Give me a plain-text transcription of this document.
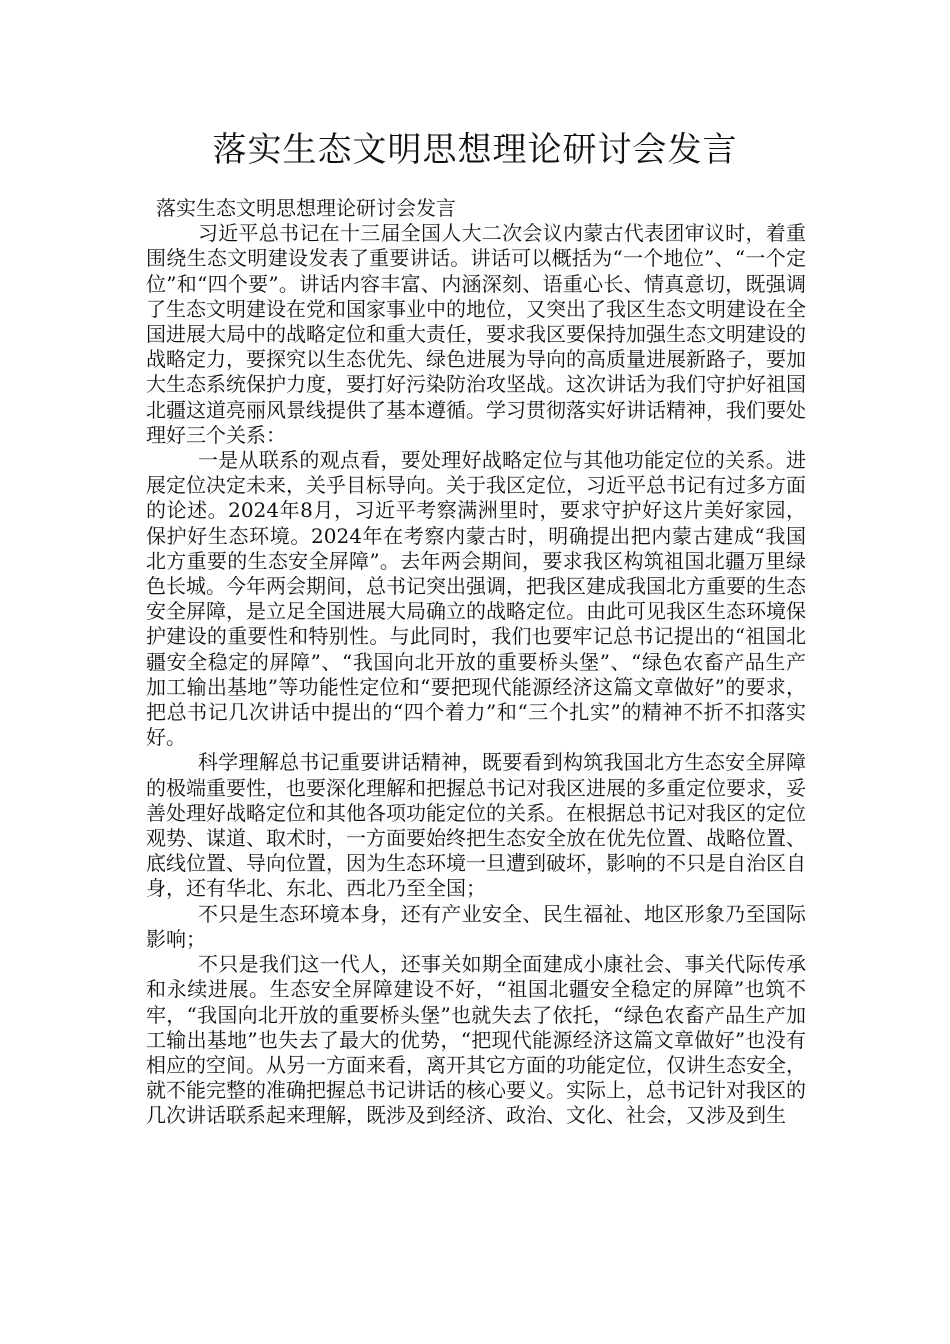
落实生态文明思想理论研讨会发言

落实生态文明思想理论研讨会发言

习近平总书记在十三届全国人大二次会议内蒙古代表团审议时，着重围绕生态文明建设发表了重要讲话。讲话可以概括为“一个地位”、“一个定位”和“四个要”。讲话内容丰富、内涵深刻、语重心长、情真意切，既强调了生态文明建设在党和国家事业中的地位，又突出了我区生态文明建设在全国进展大局中的战略定位和重大责任，要求我区要保持加强生态文明建设的战略定力，要探究以生态优先、绿色进展为导向的高质量进展新路子，要加大生态系统保护力度，要打好污染防治攻坚战。这次讲话为我们守护好祖国北疆这道亮丽风景线提供了基本遵循。学习贯彻落实好讲话精神，我们要处理好三个关系：

一是从联系的观点看，要处理好战略定位与其他功能定位的关系。进展定位决定未来，关乎目标导向。关于我区定位，习近平总书记有过多方面的论述。2024年8月，习近平考察满洲里时，要求守护好这片美好家园，保护好生态环境。2024年在考察内蒙古时，明确提出把内蒙古建成“我国北方重要的生态安全屏障”。去年两会期间，要求我区构筑祖国北疆万里绿色长城。今年两会期间，总书记突出强调，把我区建成我国北方重要的生态安全屏障，是立足全国进展大局确立的战略定位。由此可见我区生态环境保护建设的重要性和特别性。与此同时，我们也要牢记总书记提出的“祖国北疆安全稳定的屏障”、“我国向北开放的重要桥头堡”、“绿色农畜产品生产加工输出基地”等功能性定位和“要把现代能源经济这篇文章做好”的要求，把总书记几次讲话中提出的“四个着力”和“三个扎实”的精神不折不扣落实好。

科学理解总书记重要讲话精神，既要看到构筑我国北方生态安全屏障的极端重要性，也要深化理解和把握总书记对我区进展的多重定位要求，妥善处理好战略定位和其他各项功能定位的关系。在根据总书记对我区的定位观势、谋道、取术时，一方面要始终把生态安全放在优先位置、战略位置、底线位置、导向位置，因为生态环境一旦遭到破坏，影响的不只是自治区自身，还有华北、东北、西北乃至全国；

不只是生态环境本身，还有产业安全、民生福祉、地区形象乃至国际影响；

不只是我们这一代人，还事关如期全面建成小康社会、事关代际传承和永续进展。生态安全屏障建设不好，“祖国北疆安全稳定的屏障”也筑不牢，“我国向北开放的重要桥头堡”也就失去了依托，“绿色农畜产品生产加工输出基地”也失去了最大的优势，“把现代能源经济这篇文章做好”也没有相应的空间。从另一方面来看，离开其它方面的功能定位，仅讲生态安全，就不能完整的准确把握总书记讲话的核心要义。实际上，总书记针对我区的几次讲话联系起来理解，既涉及到经济、政治、文化、社会，又涉及到生
